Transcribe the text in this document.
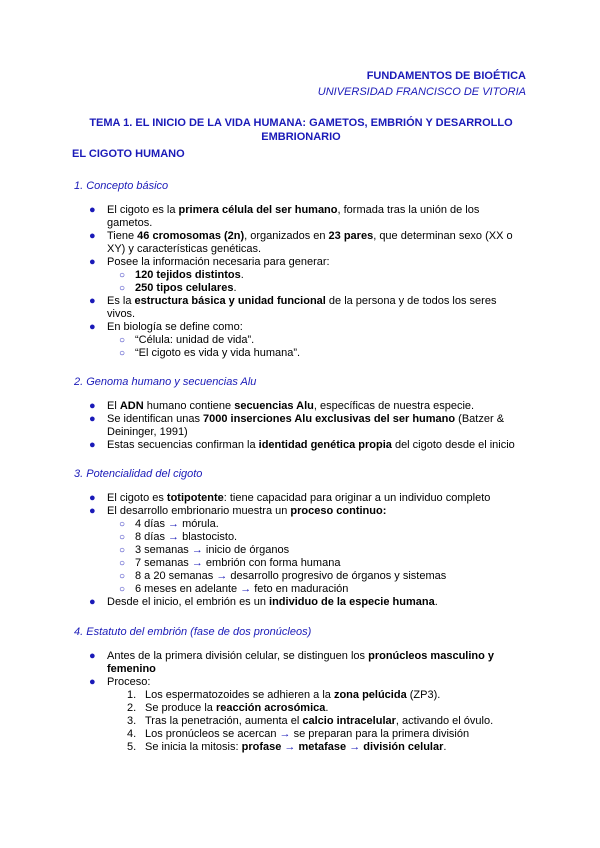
FUNDAMENTOS DE BIOÉTICA
UNIVERSIDAD FRANCISCO DE VITORIA
TEMA 1. EL INICIO DE LA VIDA HUMANA: GAMETOS, EMBRIÓN Y DESARROLLO EMBRIONARIO
EL CIGOTO HUMANO
1. Concepto básico
● El cigoto es la primera célula del ser humano, formada tras la unión de los gametos.
● Tiene 46 cromosomas (2n), organizados en 23 pares, que determinan sexo (XX o XY) y características genéticas.
● Posee la información necesaria para generar:
○ 120 tejidos distintos.
○ 250 tipos celulares.
● Es la estructura básica y unidad funcional de la persona y de todos los seres vivos.
● En biología se define como:
○ “Célula: unidad de vida”.
○ “El cigoto es vida y vida humana”.
2. Genoma humano y secuencias Alu
● El ADN humano contiene secuencias Alu, específicas de nuestra especie.
● Se identifican unas 7000 inserciones Alu exclusivas del ser humano (Batzer & Deininger, 1991)
● Estas secuencias confirman la identidad genética propia del cigoto desde el inicio
3. Potencialidad del cigoto
● El cigoto es totipotente: tiene capacidad para originar a un individuo completo
● El desarrollo embrionario muestra un proceso continuo:
○ 4 días → mórula.
○ 8 días → blastocisto.
○ 3 semanas → inicio de órganos
○ 7 semanas → embrión con forma humana
○ 8 a 20 semanas → desarrollo progresivo de órganos y sistemas
○ 6 meses en adelante → feto en maduración
● Desde el inicio, el embrión es un individuo de la especie humana.
4. Estatuto del embrión (fase de dos pronúcleos)
● Antes de la primera división celular, se distinguen los pronúcleos masculino y femenino
● Proceso:
1. Los espermatozoides se adhieren a la zona pelúcida (ZP3).
2. Se produce la reacción acrosómica.
3. Tras la penetración, aumenta el calcio intracelular, activando el óvulo.
4. Los pronúcleos se acercan → se preparan para la primera división
5. Se inicia la mitosis: profase → metafase → división celular.
